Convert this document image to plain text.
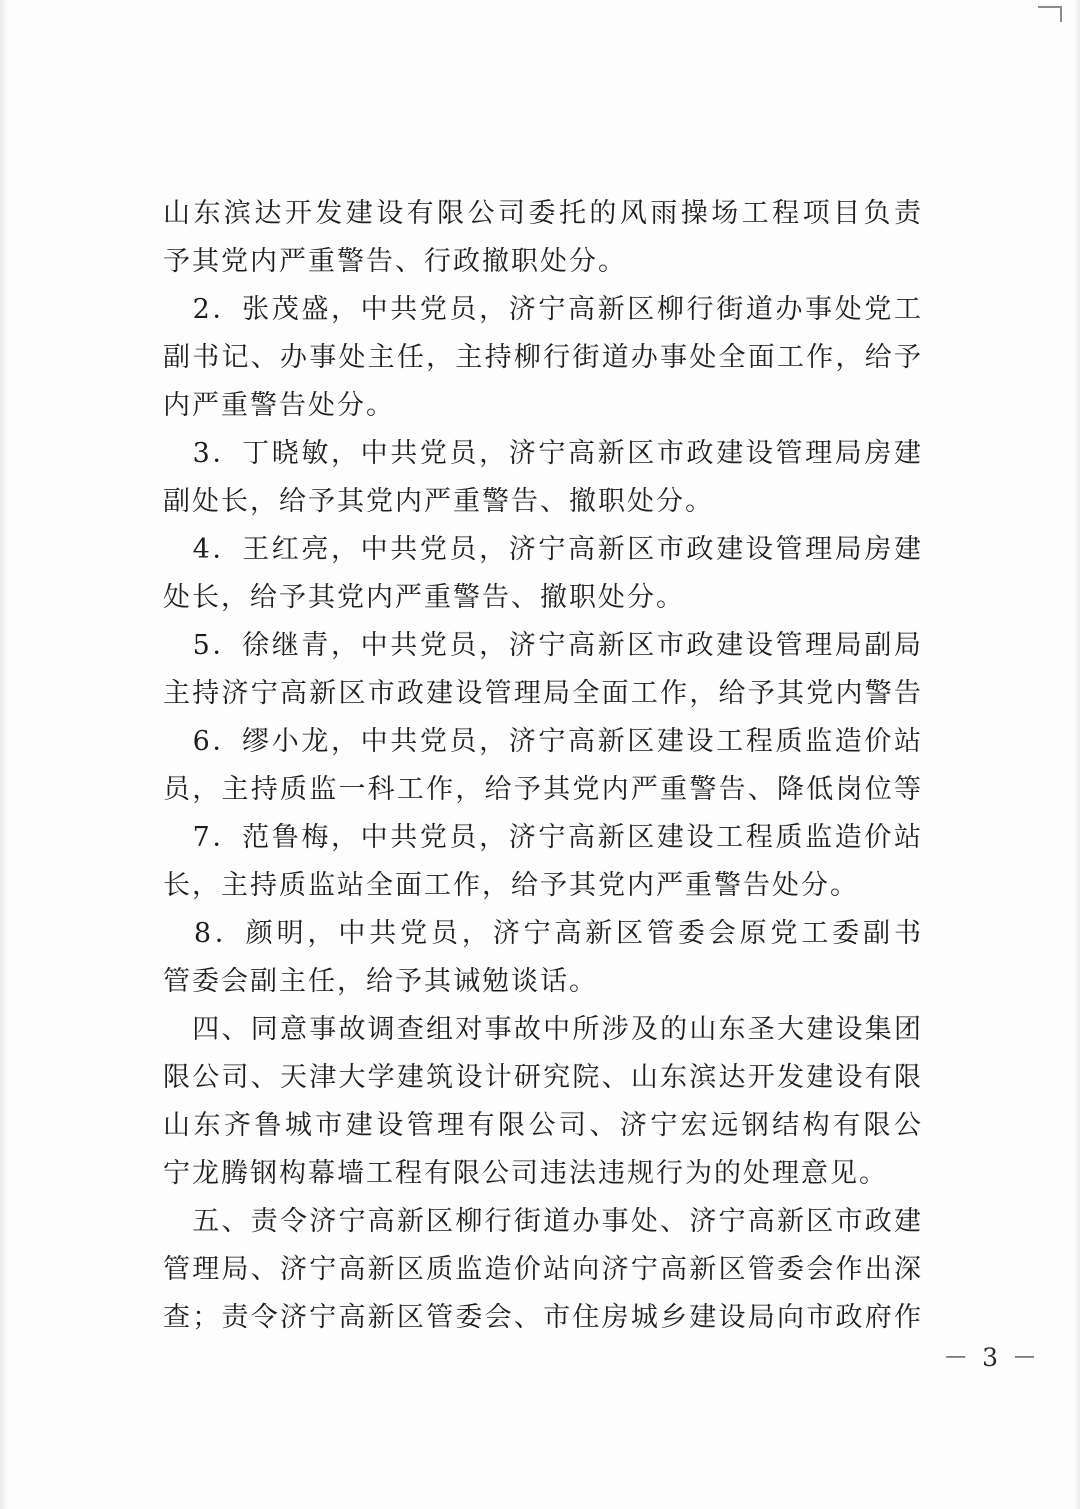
山东滨达开发建设有限公司委托的风雨操场工程项目负责
予其党内严重警告、行政撤职处分。
　2．张茂盛，中共党员，济宁高新区柳行街道办事处党工
副书记、办事处主任，主持柳行街道办事处全面工作，给予
内严重警告处分。
　3．丁晓敏，中共党员，济宁高新区市政建设管理局房建
副处长，给予其党内严重警告、撤职处分。
　4．王红亮，中共党员，济宁高新区市政建设管理局房建
处长，给予其党内严重警告、撤职处分。
　5．徐继青，中共党员，济宁高新区市政建设管理局副局
主持济宁高新区市政建设管理局全面工作，给予其党内警告
　6．缪小龙，中共党员，济宁高新区建设工程质监造价站
员，主持质监一科工作，给予其党内严重警告、降低岗位等
　7．范鲁梅，中共党员，济宁高新区建设工程质监造价站
长，主持质监站全面工作，给予其党内严重警告处分。
　8．颜明，中共党员，济宁高新区管委会原党工委副书
管委会副主任，给予其诫勉谈话。
　四、同意事故调查组对事故中所涉及的山东圣大建设集团
限公司、天津大学建筑设计研究院、山东滨达开发建设有限
山东齐鲁城市建设管理有限公司、济宁宏远钢结构有限公
宁龙腾钢构幕墙工程有限公司违法违规行为的处理意见。
　五、责令济宁高新区柳行街道办事处、济宁高新区市政建
管理局、济宁高新区质监造价站向济宁高新区管委会作出深
查；责令济宁高新区管委会、市住房城乡建设局向市政府作
－ 3 －
